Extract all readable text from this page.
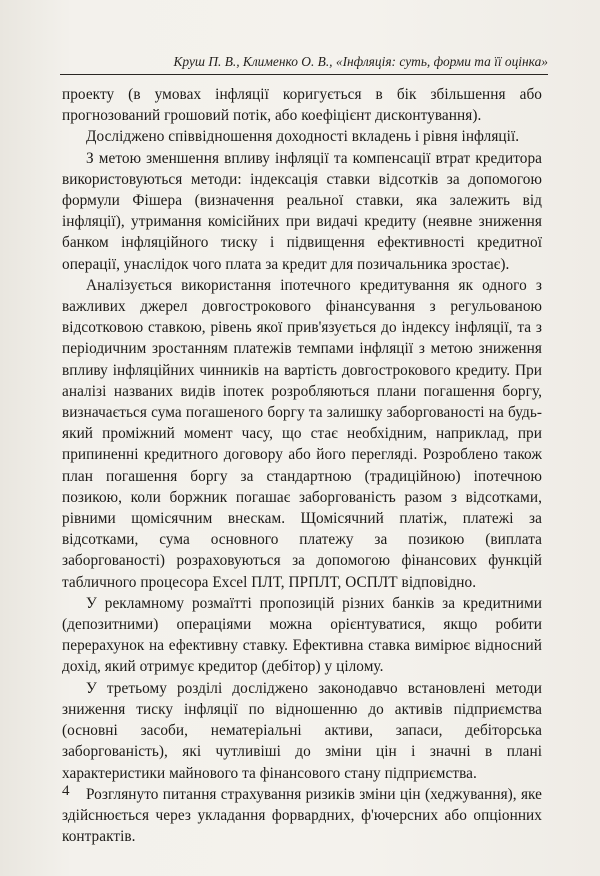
Круш П. В., Клименко О. В., «Інфляція: суть, форми та її оцінка»

проекту (в умовах інфляції коригується в бік збільшення або прогнозований грошовий потік, або коефіцієнт дисконтування).

Досліджено співвідношення доходності вкладень і рівня інфляції.

З метою зменшення впливу інфляції та компенсації втрат кредитора використовуються методи: індексація ставки відсотків за допомогою формули Фішера (визначення реальної ставки, яка залежить від інфляції), утримання комісійних при видачі кредиту (неявне зниження банком інфляційного тиску і підвищення ефективності кредитної операції, унаслідок чого плата за кредит для позичальника зростає).

Аналізується використання іпотечного кредитування як одного з важливих джерел довгострокового фінансування з регульованою відсотковою ставкою, рівень якої прив'язується до індексу інфляції, та з періодичним зростанням платежів темпами інфляції з метою зниження впливу інфляційних чинників на вартість довгострокового кредиту. При аналізі названих видів іпотек розробляються плани погашення боргу, визначається сума погашеного боргу та залишку заборгованості на будь-який проміжний момент часу, що стає необхідним, наприклад, при припиненні кредитного договору або його перегляді. Розроблено також план погашення боргу за стандартною (традиційною) іпотечною позикою, коли боржник погашає заборгованість разом з відсотками, рівними щомісячним внескам. Щомісячний платіж, платежі за відсотками, сума основного платежу за позикою (виплата заборгованості) розраховуються за допомогою фінансових функцій табличного процесора Excel ПЛТ, ПРПЛТ, ОСПЛТ відповідно.

У рекламному розмаїтті пропозицій різних банків за кредитними (депозитними) операціями можна орієнтуватися, якщо робити перерахунок на ефективну ставку. Ефективна ставка вимірює відносний дохід, який отримує кредитор (дебітор) у цілому.

У третьому розділі досліджено законодавчо встановлені методи зниження тиску інфляції по відношенню до активів підприємства (основні засоби, нематеріальні активи, запаси, дебіторська заборгованість), які чутливіші до зміни цін і значні в плані характеристики майнового та фінансового стану підприємства.

Розглянуто питання страхування ризиків зміни цін (хеджування), яке здійснюється через укладання форвардних, ф'ючерсних або опціонних контрактів.

4
